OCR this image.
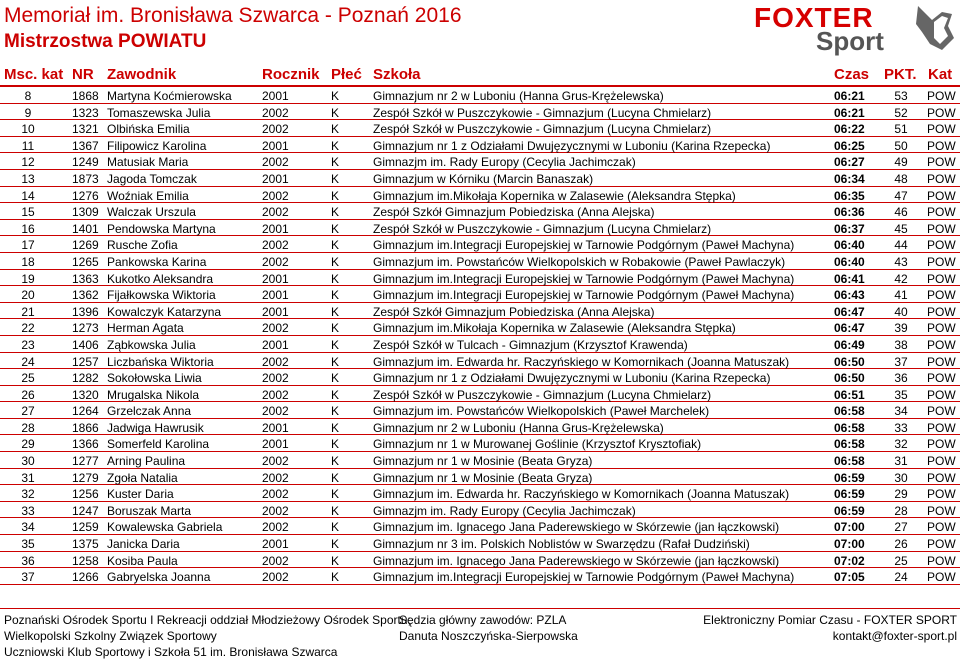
Memoriał im. Bronisława Szwarca - Poznań 2016
Mistrzostwa POWIATU
FOXTER
Sport
Msc. kat NR Zawodnik	Rocznik Płeć Szkoła	Czas PKT. Kat
8	1868 Martyna Koćmierowska	2001	K	Gimnazjum nr 2 w Luboniu (Hanna Grus-Krężelewska)	06:21	53	POW
9	1323 Tomaszewska Julia	2002	K	Zespół Szkół w Puszczykowie - Gimnazjum (Lucyna Chmielarz)	06:21	52	POW
10	1321 Olbińska Emilia	2002	K	Zespół Szkół w Puszczykowie - Gimnazjum (Lucyna Chmielarz)	06:22	51	POW
11	1367 Filipowicz Karolina	2001	K	Gimnazjum nr 1 z Odziałami Dwujęzycznymi w Luboniu (Karina Rzepecka)	06:25	50	POW
12	1249 Matusiak Maria	2002	K	Gimnazjm im. Rady Europy (Cecylia Jachimczak)	06:27	49	POW
13	1873 Jagoda Tomczak	2001	K	Gimnazjum w Kórniku (Marcin Banaszak)	06:34	48	POW
14	1276 Woźniak Emilia	2002	K	Gimnazjum im.Mikołaja Kopernika w Zalasewie (Aleksandra Stępka)	06:35	47	POW
15	1309 Walczak Urszula	2002	K	Zespół Szkół Gimnazjum Pobiedziska (Anna Alejska)	06:36	46	POW
16	1401 Pendowska Martyna	2001	K	Zespół Szkół w Puszczykowie - Gimnazjum (Lucyna Chmielarz)	06:37	45	POW
17	1269 Rusche Zofia	2002	K	Gimnazjum im.Integracji Europejskiej w Tarnowie Podgórnym (Paweł Machyna)	06:40	44	POW
18	1265 Pankowska Karina	2002	K	Gimnazjum im. Powstańców Wielkopolskich w Robakowie (Paweł Pawlaczyk)	06:40	43	POW
19	1363 Kukotko Aleksandra	2001	K	Gimnazjum im.Integracji Europejskiej w Tarnowie Podgórnym (Paweł Machyna)	06:41	42	POW
20	1362 Fijałkowska Wiktoria	2001	K	Gimnazjum im.Integracji Europejskiej w Tarnowie Podgórnym (Paweł Machyna)	06:43	41	POW
21	1396 Kowalczyk Katarzyna	2001	K	Zespół Szkół Gimnazjum Pobiedziska (Anna Alejska)	06:47	40	POW
22	1273 Herman Agata	2002	K	Gimnazjum im.Mikołaja Kopernika w Zalasewie (Aleksandra Stępka)	06:47	39	POW
23	1406 Ząbkowska Julia	2001	K	Zespół Szkół w Tulcach - Gimnazjum (Krzysztof Krawenda)	06:49	38	POW
24	1257 Liczbańska Wiktoria	2002	K	Gimnazjum im. Edwarda hr. Raczyńskiego w Komornikach (Joanna Matuszak)	06:50	37	POW
25	1282 Sokołowska Liwia	2002	K	Gimnazjum nr 1 z Odziałami Dwujęzycznymi w Luboniu (Karina Rzepecka)	06:50	36	POW
26	1320 Mrugalska Nikola	2002	K	Zespół Szkół w Puszczykowie - Gimnazjum (Lucyna Chmielarz)	06:51	35	POW
27	1264 Grzelczak Anna	2002	K	Gimnazjum im. Powstańców Wielkopolskich (Paweł Marchelek)	06:58	34	POW
28	1866 Jadwiga Hawrusik	2001	K	Gimnazjum nr 2 w Luboniu (Hanna Grus-Krężelewska)	06:58	33	POW
29	1366 Somerfeld Karolina	2001	K	Gimnazjum nr 1 w Murowanej Goślinie (Krzysztof Krysztofiak)	06:58	32	POW
30	1277 Arning Paulina	2002	K	Gimnazjum nr 1 w Mosinie (Beata Gryza)	06:58	31	POW
31	1279 Zgoła Natalia	2002	K	Gimnazjum nr 1 w Mosinie (Beata Gryza)	06:59	30	POW
32	1256 Kuster Daria	2002	K	Gimnazjum im. Edwarda hr. Raczyńskiego w Komornikach (Joanna Matuszak)	06:59	29	POW
33	1247 Boruszak Marta	2002	K	Gimnazjm im. Rady Europy (Cecylia Jachimczak)	06:59	28	POW
34	1259 Kowalewska Gabriela	2002	K	Gimnazjum im. Ignacego Jana Paderewskiego w Skórzewie (jan łączkowski)	07:00	27	POW
35	1375 Janicka Daria	2001	K	Gimnazjum nr 3 im. Polskich Noblistów w Swarzędzu (Rafał Dudziński)	07:00	26	POW
36	1258 Kosiba Paula	2002	K	Gimnazjum im. Ignacego Jana Paderewskiego w Skórzewie (jan łączkowski)	07:02	25	POW
37	1266 Gabryelska Joanna	2002	K	Gimnazjum im.Integracji Europejskiej w Tarnowie Podgórnym (Paweł Machyna)	07:05	24	POW
Poznański Ośrodek Sportu I Rekreacji oddział Młodzieżowy Ośrodek Sportu;
Wielkopolski Szkolny Związek Sportowy
Uczniowski Klub Sportowy i Szkoła 51 im. Bronisława Szwarca
Sędzia główny zawodów: PZLA
Danuta Noszczyńska-Sierpowska
Elektroniczny Pomiar Czasu - FOXTER SPORT
kontakt@foxter-sport.pl
